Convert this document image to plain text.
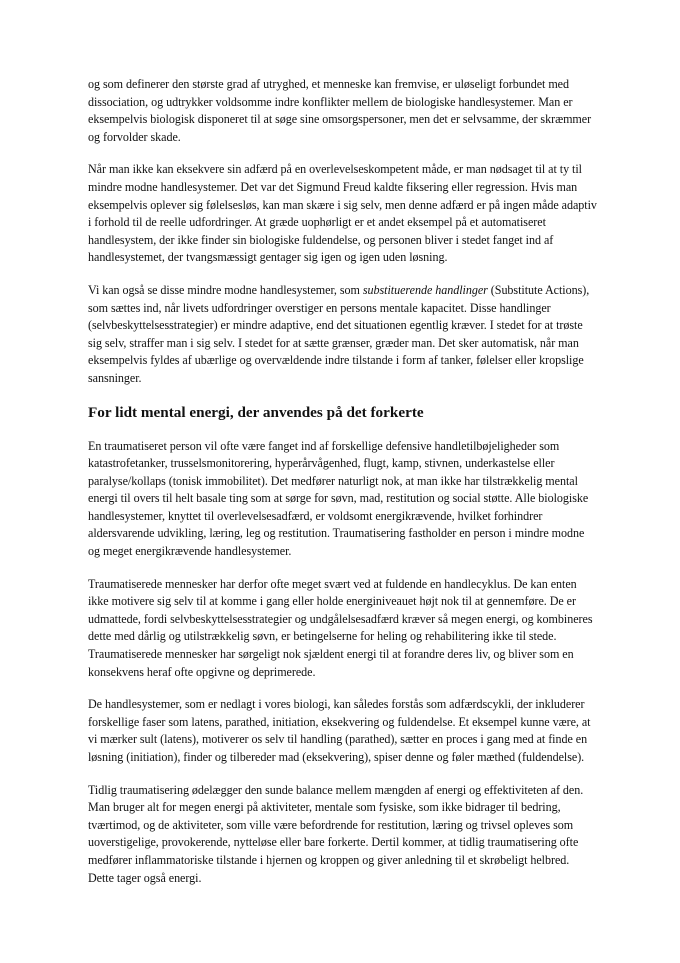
og som definerer den største grad af utryghed, et menneske kan fremvise, er uløseligt forbundet med dissociation, og udtrykker voldsomme indre konflikter mellem de biologiske handlesystemer. Man er eksempelvis biologisk disponeret til at søge sine omsorgspersoner, men det er selvsamme, der skræmmer og forvolder skade.

Når man ikke kan eksekvere sin adfærd på en overlevelseskompetent måde, er man nødsaget til at ty til mindre modne handlesystemer. Det var det Sigmund Freud kaldte fiksering eller regression. Hvis man eksempelvis oplever sig følelsesløs, kan man skære i sig selv, men denne adfærd er på ingen måde adaptiv i forhold til de reelle udfordringer. At græde uophørligt er et andet eksempel på et automatiseret handlesystem, der ikke finder sin biologiske fuldendelse, og personen bliver i stedet fanget ind af handlesystemet, der tvangsmæssigt gentager sig igen og igen uden løsning.

Vi kan også se disse mindre modne handlesystemer, som substituerende handlinger (Substitute Actions), som sættes ind, når livets udfordringer overstiger en persons mentale kapacitet. Disse handlinger (selvbeskyttelsesstrategier) er mindre adaptive, end det situationen egentlig kræver. I stedet for at trøste sig selv, straffer man i sig selv. I stedet for at sætte grænser, græder man. Det sker automatisk, når man eksempelvis fyldes af ubærlige og overvældende indre tilstande i form af tanker, følelser eller kropslige sansninger.

For lidt mental energi, der anvendes på det forkerte

En traumatiseret person vil ofte være fanget ind af forskellige defensive handletilbøjeligheder som katastrofetanker, trusselsmonitorering, hyperårvågenhed, flugt, kamp, stivnen, underkastelse eller paralyse/kollaps (tonisk immobilitet). Det medfører naturligt nok, at man ikke har tilstrækkelig mental energi til overs til helt basale ting som at sørge for søvn, mad, restitution og social støtte. Alle biologiske handlesystemer, knyttet til overlevelsesadfærd, er voldsomt energikrævende, hvilket forhindrer aldersvarende udvikling, læring, leg og restitution. Traumatisering fastholder en person i mindre modne og meget energikrævende handlesystemer.

Traumatiserede mennesker har derfor ofte meget svært ved at fuldende en handlecyklus. De kan enten ikke motivere sig selv til at komme i gang eller holde energiniveauet højt nok til at gennemføre. De er udmattede, fordi selvbeskyttelsesstrategier og undgålelsesadfærd kræver så megen energi, og kombineres dette med dårlig og utilstrækkelig søvn, er betingelserne for heling og rehabilitering ikke til stede. Traumatiserede mennesker har sørgeligt nok sjældent energi til at forandre deres liv, og bliver som en konsekvens heraf ofte opgivne og deprimerede.

De handlesystemer, som er nedlagt i vores biologi, kan således forstås som adfærdscykli, der inkluderer forskellige faser som latens, parathed, initiation, eksekvering og fuldendelse. Et eksempel kunne være, at vi mærker sult (latens), motiverer os selv til handling (parathed), sætter en proces i gang med at finde en løsning (initiation), finder og tilbereder mad (eksekvering), spiser denne og føler mæthed (fuldendelse).

Tidlig traumatisering ødelægger den sunde balance mellem mængden af energi og effektiviteten af den. Man bruger alt for megen energi på aktiviteter, mentale som fysiske, som ikke bidrager til bedring, tværtimod, og de aktiviteter, som ville være befordrende for restitution, læring og trivsel opleves som uoverstigelige, provokerende, nytteløse eller bare forkerte. Dertil kommer, at tidlig traumatisering ofte medfører inflammatoriske tilstande i hjernen og kroppen og giver anledning til et skrøbeligt helbred. Dette tager også energi.
